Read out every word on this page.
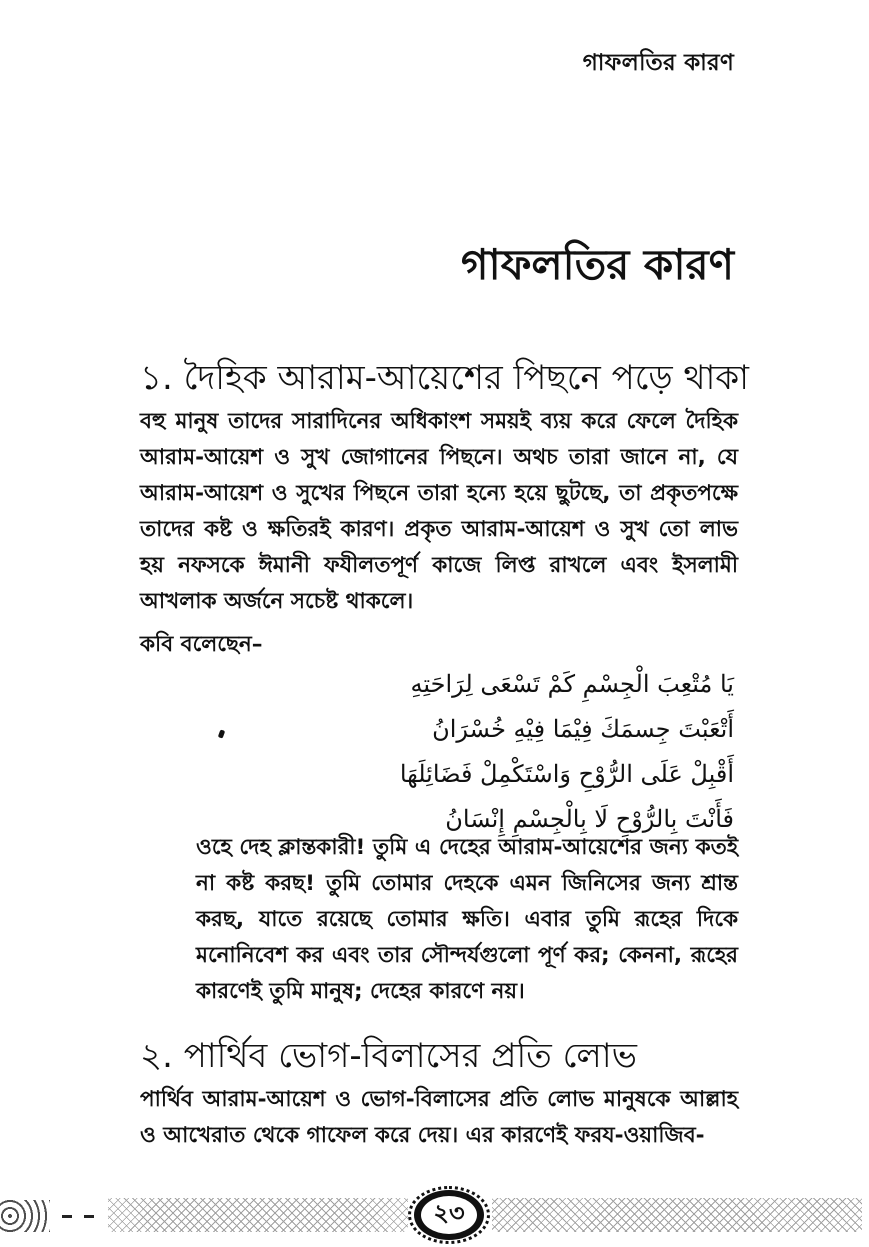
গাফলতির কারণ
গাফলতির কারণ
১. দৈহিক আরাম-আয়েশের পিছনে পড়ে থাকা

বহু মানুষ তাদের সারাদিনের অধিকাংশ সময়ই ব্যয় করে ফেলে দৈহিক আরাম-আয়েশ ও সুখ জোগানের পিছনে। অথচ তারা জানে না, যে আরাম-আয়েশ ও সুখের পিছনে তারা হন্যে হয়ে ছুটছে, তা প্রকৃতপক্ষে তাদের কষ্ট ও ক্ষতিরই কারণ। প্রকৃত আরাম-আয়েশ ও সুখ তো লাভ হয় নফসকে ঈমানী ফযীলতপূর্ণ কাজে লিপ্ত রাখলে এবং ইসলামী আখলাক অর্জনে সচেষ্ট থাকলে।

কবি বলেছেন–
يَا مُتْعِبَ الْجِسْمِ كَمْ تَسْعَى لِرَاحَتِهِ
أَتْعَبْتَ جِسمَكَ فِيْمَا فِيْهِ خُسْرَانُ
أَقْبِلْ عَلَى الرُّوْحِ وَاسْتَكْمِلْ فَضَائِلَهَا
فَأَنْتَ بِالرُّوْحِ لَا بِالْجِسْمِ إِنْسَانُ

ওহে দেহ ক্লান্তকারী! তুমি এ দেহের আরাম-আয়েশের জন্য কতই না কষ্ট করছ! তুমি তোমার দেহকে এমন জিনিসের জন্য শ্রান্ত করছ, যাতে রয়েছে তোমার ক্ষতি। এবার তুমি রূহের দিকে মনোনিবেশ কর এবং তার সৌন্দর্যগুলো পূর্ণ কর; কেননা, রূহের কারণেই তুমি মানুষ; দেহের কারণে নয়।

২. পার্থিব ভোগ-বিলাসের প্রতি লোভ

পার্থিব আরাম-আয়েশ ও ভোগ-বিলাসের প্রতি লোভ মানুষকে আল্লাহ ও আখেরাত থেকে গাফেল করে দেয়। এর কারণেই ফরয-ওয়াজিব-

২৩
